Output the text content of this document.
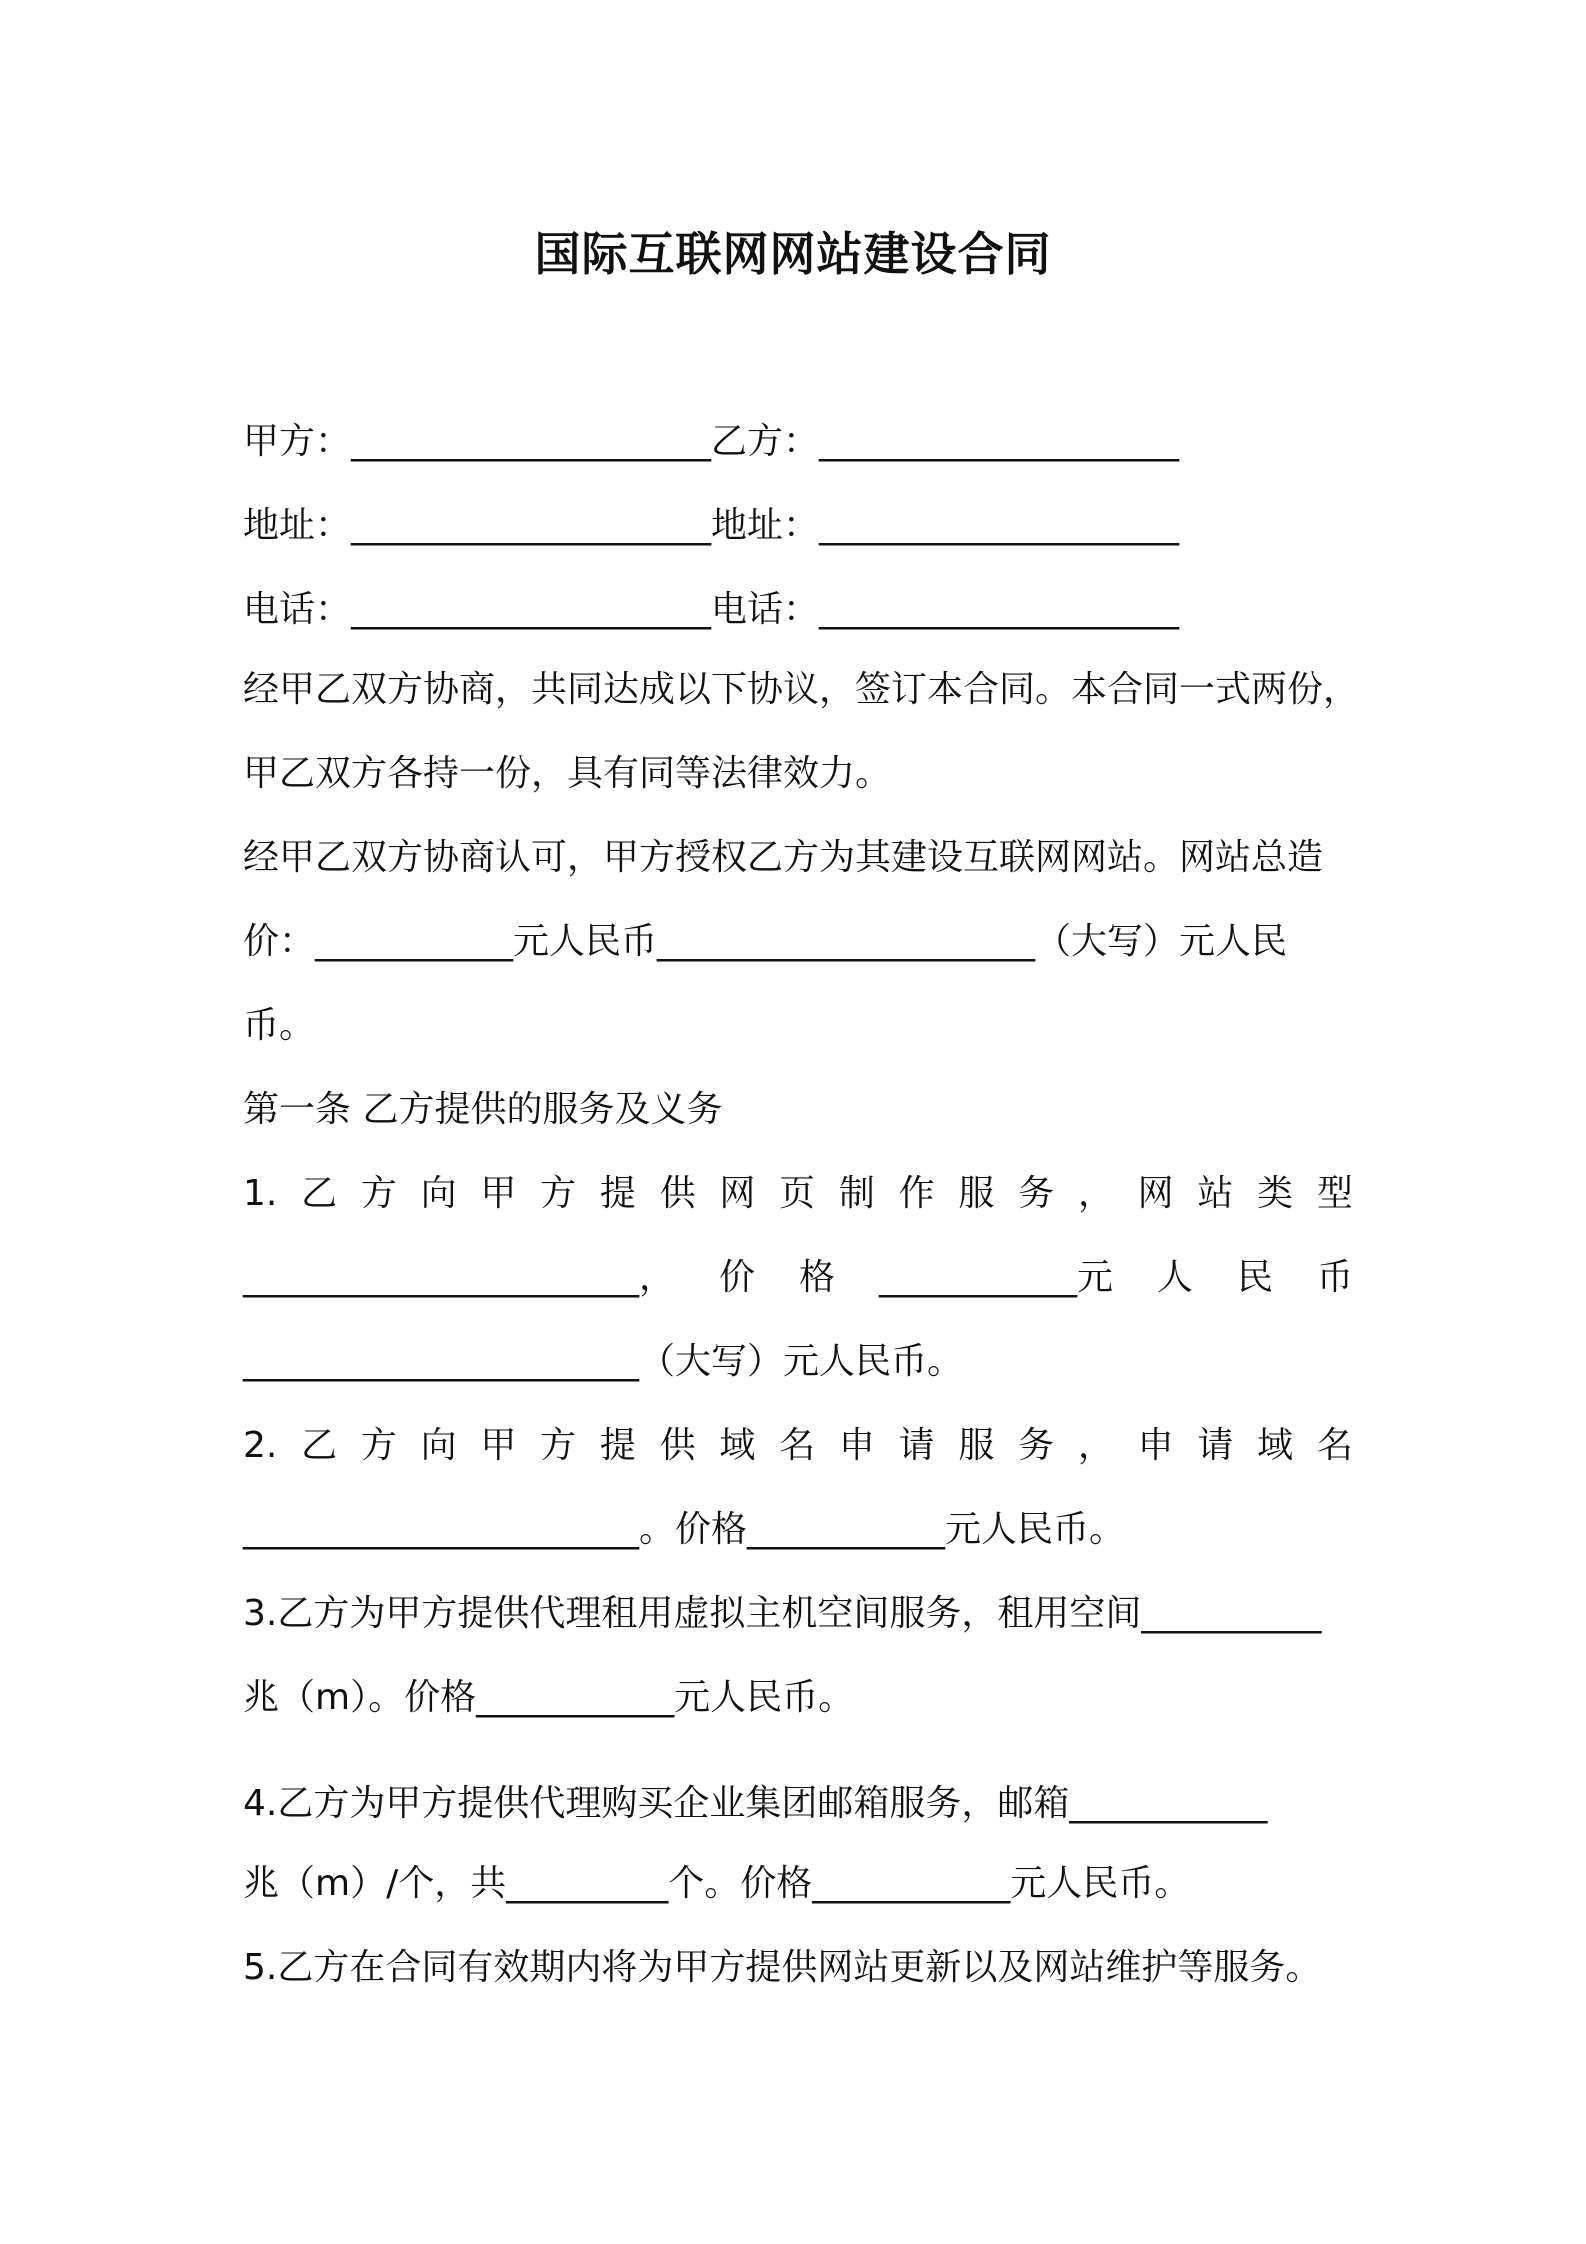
国际互联网网站建设合同
甲方：____________________乙方：____________________
地址：____________________地址：____________________
电话：____________________电话：____________________
经甲乙双方协商，共同达成以下协议，签订本合同。本合同一式两份，
甲乙双方各持一份，具有同等法律效力。
经甲乙双方协商认可，甲方授权乙方为其建设互联网网站。网站总造
价：___________元人民币_____________________（大写）元人民
币。
第一条 乙方提供的服务及义务
1. 乙 方 向 甲 方 提 供 网 页 制 作 服 务 ， 网 站 类 型
______________________， 价 格 ___________元 人 民 币
______________________（大写）元人民币。
2. 乙 方 向 甲 方 提 供 域 名 申 请 服 务 ， 申 请 域 名
______________________。价格___________元人民币。
3.乙方为甲方提供代理租用虚拟主机空间服务，租用空间__________
兆（m）。价格___________元人民币。
4.乙方为甲方提供代理购买企业集团邮箱服务，邮箱___________
兆（m）/个，共_________个。价格___________元人民币。
5.乙方在合同有效期内将为甲方提供网站更新以及网站维护等服务。
